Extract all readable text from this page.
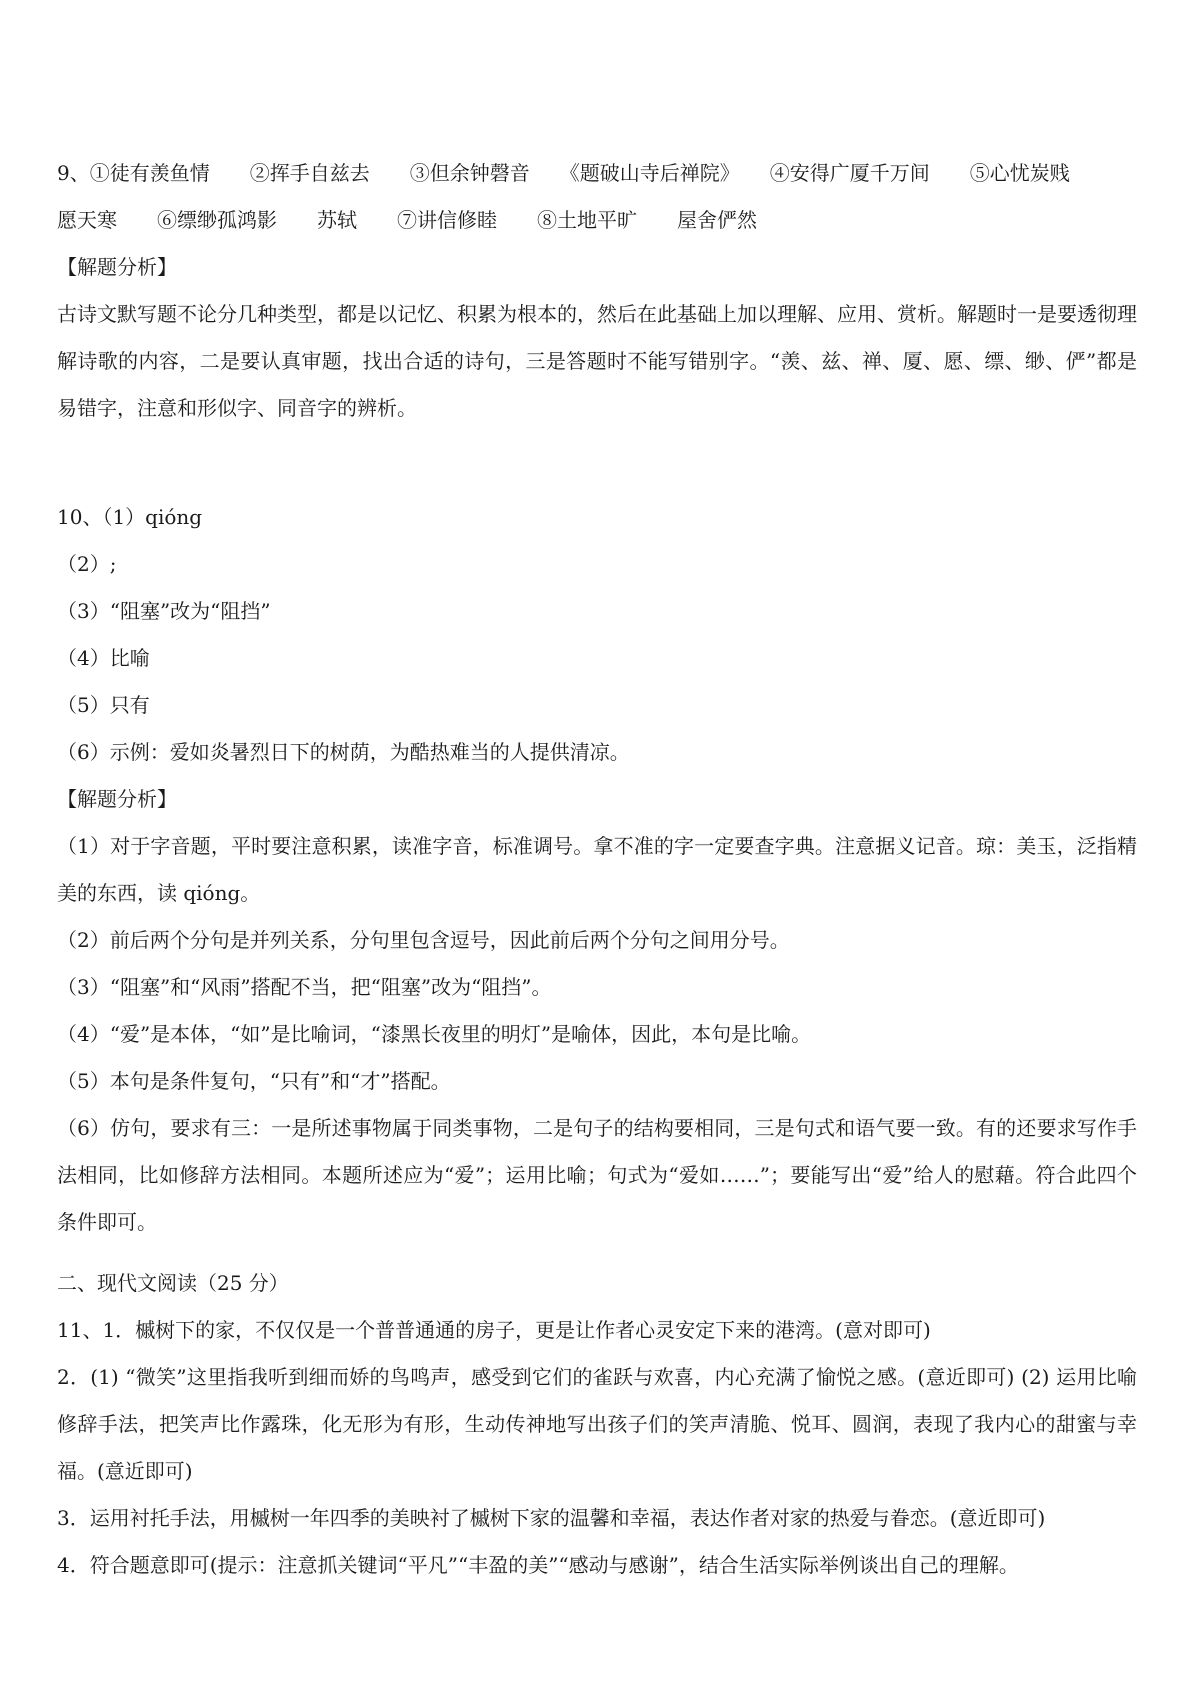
9、①徒有羡鱼情　　②挥手自兹去　　③但余钟磬音　　《题破山寺后禅院》　　④安得广厦千万间　　⑤心忧炭贱
愿天寒　　⑥缥缈孤鸿影　　苏轼　　⑦讲信修睦　　⑧土地平旷　　屋舍俨然
【解题分析】
古诗文默写题不论分几种类型，都是以记忆、积累为根本的，然后在此基础上加以理解、应用、赏析。解题时一是要透彻理解诗歌的内容，二是要认真审题，找出合适的诗句，三是答题时不能写错别字。“羡、兹、禅、厦、愿、缥、缈、俨”都是易错字，注意和形似字、同音字的辨析。
10、（1）qióng
（2）;
（3）“阻塞”改为“阻挡”
（4）比喻
（5）只有
（6）示例：爱如炎暑烈日下的树荫，为酷热难当的人提供清凉。
【解题分析】
（1）对于字音题，平时要注意积累，读准字音，标准调号。拿不准的字一定要查字典。注意据义记音。琼：美玉，泛指精美的东西，读 qióng。
（2）前后两个分句是并列关系，分句里包含逗号，因此前后两个分句之间用分号。
（3）“阻塞”和“风雨”搭配不当，把“阻塞”改为“阻挡”。
（4）“爱”是本体，“如”是比喻词，“漆黑长夜里的明灯”是喻体，因此，本句是比喻。
（5）本句是条件复句，“只有”和“才”搭配。
（6）仿句，要求有三：一是所述事物属于同类事物，二是句子的结构要相同，三是句式和语气要一致。有的还要求写作手法相同，比如修辞方法相同。本题所述应为“爱”；运用比喻；句式为“爱如……”；要能写出“爱”给人的慰藉。符合此四个条件即可。
二、现代文阅读（25 分）
11、1．槭树下的家，不仅仅是一个普普通通的房子，更是让作者心灵安定下来的港湾。(意对即可)
2．(1) “微笑”这里指我听到细而娇的鸟鸣声，感受到它们的雀跃与欢喜，内心充满了愉悦之感。(意近即可) (2) 运用比喻修辞手法，把笑声比作露珠，化无形为有形，生动传神地写出孩子们的笑声清脆、悦耳、圆润，表现了我内心的甜蜜与幸福。(意近即可)
3．运用衬托手法，用槭树一年四季的美映衬了槭树下家的温馨和幸福，表达作者对家的热爱与眷恋。(意近即可)
4．符合题意即可(提示：注意抓关键词“平凡”“丰盈的美”“感动与感谢”，结合生活实际举例谈出自己的理解。
